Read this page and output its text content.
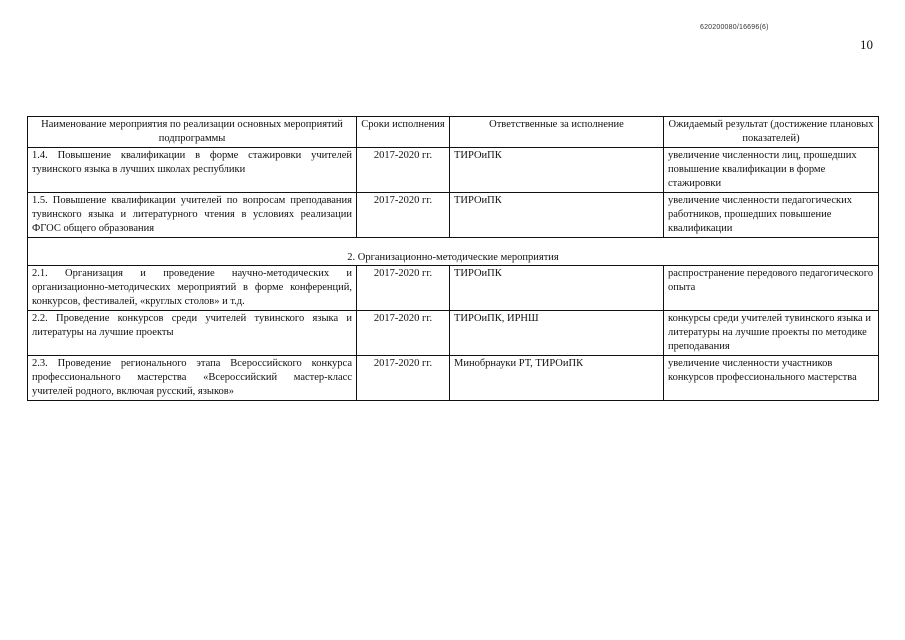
620200080/16696(6)
10
Наименование мероприятия по реализации основных мероприятий подпрограммы	Сроки исполнения	Ответственные за исполнение	Ожидаемый результат (достижение плановых показателей)
1.4. Повышение квалификации в форме стажировки учителей тувинского языка в лучших школах республики	2017-2020 гг.	ТИРОиПК	увеличение численности лиц, прошедших повышение квалификации в форме стажировки
1.5. Повышение квалификации учителей по вопросам преподавания тувинского языка и литературного чтения в условиях реализации ФГОС общего образования	2017-2020 гг.	ТИРОиПК	увеличение численности педагогических работников, прошедших повышение квалификации
2. Организационно-методические мероприятия			
2.1. Организация и проведение научно-методических и организационно-методических мероприятий в форме конференций, конкурсов, фестивалей, «круглых столов» и т.д.	2017-2020 гг.	ТИРОиПК	распространение передового педагогического опыта
2.2. Проведение конкурсов среди учителей тувинского языка и литературы на лучшие проекты	2017-2020 гг.	ТИРОиПК, ИРНШ	конкурсы среди учителей тувинского языка и литературы на лучшие проекты по методике преподавания
2.3. Проведение регионального этапа Всероссийского конкурса профессионального мастерства «Всероссийский мастер-класс учителей родного, включая русский, языков»	2017-2020 гг.	Минобрнауки РТ, ТИРОиПК	увеличение численности участников конкурсов профессионального мастерства
